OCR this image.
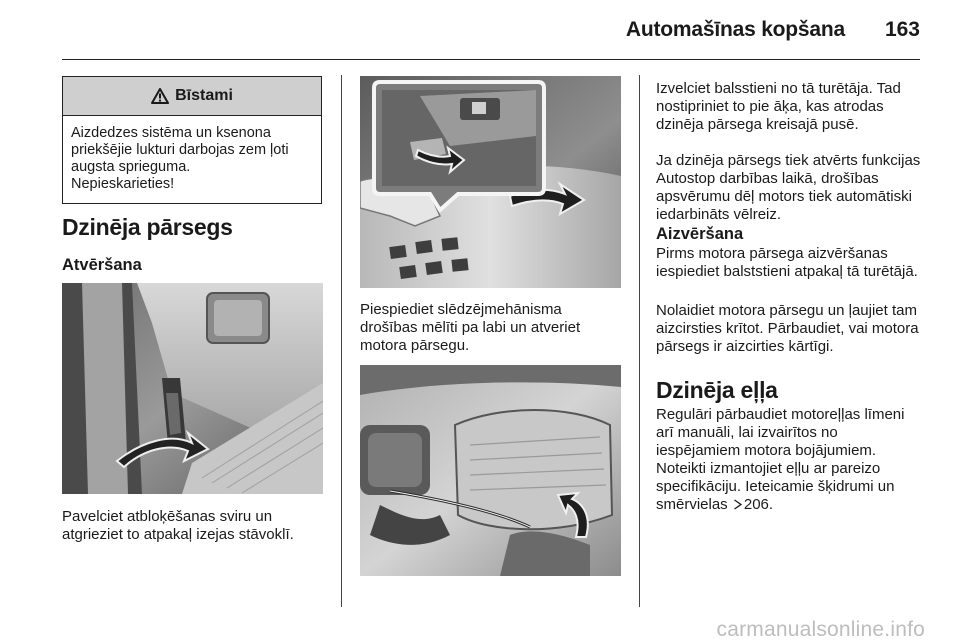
Automašīnas kopšana	163
Bīstami

Aizdedzes sistēma un ksenona priekšējie lukturi darbojas zem ļoti augsta sprieguma.

Nepieskarieties!

Dzinēja pārsegs
Atvēršana

Pavelciet atbloķēšanas sviru un atgrieziet to atpakaļ izejas stāvoklī.

Piespiediet slēdzējmehānisma drošības mēlīti pa labi un atveriet motora pārsegu.

Izvelciet balsstieni no tā turētāja. Tad nostipriniet to pie āķa, kas atrodas dzinēja pārsega kreisajā pusē.

Ja dzinēja pārsegs tiek atvērts funkcijas Autostop darbības laikā, drošības apsvērumu dēļ motors tiek automātiski iedarbināts vēlreiz.

Aizvēršana

Pirms motora pārsega aizvēršanas iespiediet balststieni atpakaļ tā turētājā.

Nolaidiet motora pārsegu un ļaujiet tam aizcirsties krītot. Pārbaudiet, vai motora pārsegs ir aizcirties kārtīgi.

Dzinēja eļļa

Regulāri pārbaudiet motoreļļas līmeni arī manuāli, lai izvairītos no iespējamiem motora bojājumiem. Noteikti izmantojiet eļļu ar pareizo specifikāciju. Ieteicamie šķidrumi un smērvielas 206.

carmanualsonline.info
